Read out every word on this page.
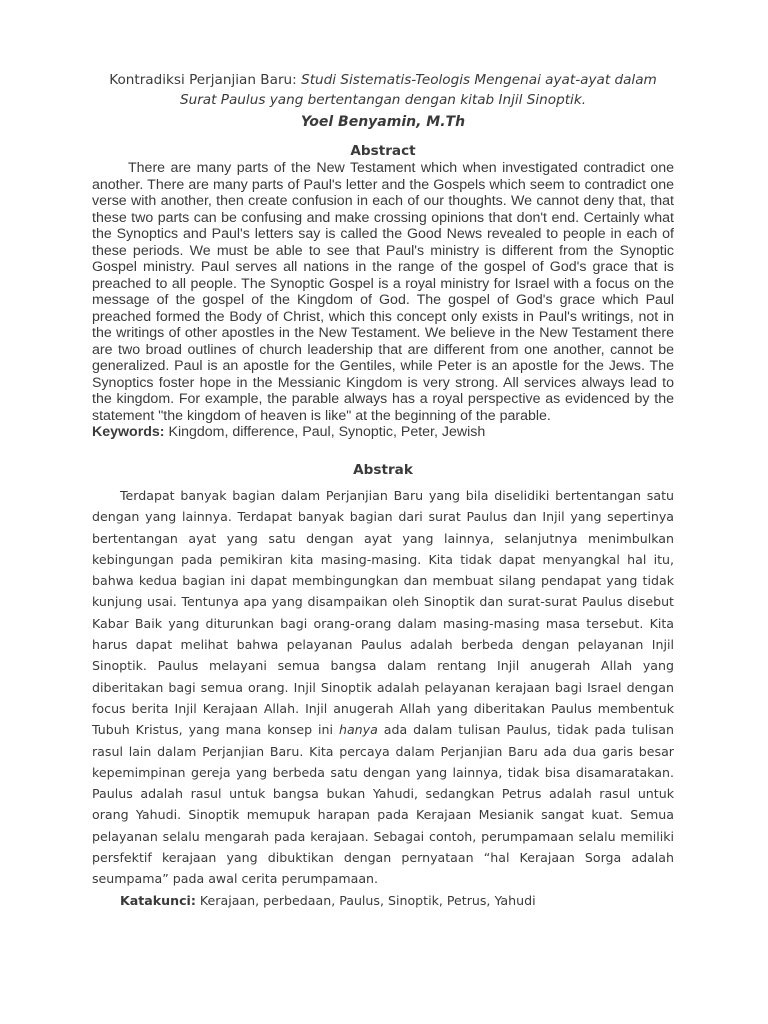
Kontradiksi Perjanjian Baru: Studi Sistematis-Teologis Mengenai ayat-ayat dalam

Surat Paulus yang bertentangan dengan kitab Injil Sinoptik.

Yoel Benyamin, M.Th

Abstract

There are many parts of the New Testament which when investigated contradict one another. There are many parts of Paul's letter and the Gospels which seem to contradict one verse with another, then create confusion in each of our thoughts. We cannot deny that, that these two parts can be confusing and make crossing opinions that don't end. Certainly what the Synoptics and Paul's letters say is called the Good News revealed to people in each of these periods. We must be able to see that Paul's ministry is different from the Synoptic Gospel ministry. Paul serves all nations in the range of the gospel of God's grace that is preached to all people. The Synoptic Gospel is a royal ministry for Israel with a focus on the message of the gospel of the Kingdom of God. The gospel of God's grace which Paul preached formed the Body of Christ, which this concept only exists in Paul's writings, not in the writings of other apostles in the New Testament. We believe in the New Testament there are two broad outlines of church leadership that are different from one another, cannot be generalized. Paul is an apostle for the Gentiles, while Peter is an apostle for the Jews. The Synoptics foster hope in the Messianic Kingdom is very strong. All services always lead to the kingdom. For example, the parable always has a royal perspective as evidenced by the statement "the kingdom of heaven is like" at the beginning of the parable.

Keywords: Kingdom, difference, Paul, Synoptic, Peter, Jewish

Abstrak

Terdapat banyak bagian dalam Perjanjian Baru yang bila diselidiki bertentangan satu dengan yang lainnya. Terdapat banyak bagian dari surat Paulus dan Injil yang sepertinya bertentangan ayat yang satu dengan ayat yang lainnya, selanjutnya menimbulkan kebingungan pada pemikiran kita masing-masing. Kita tidak dapat menyangkal hal itu, bahwa kedua bagian ini dapat membingungkan dan membuat silang pendapat yang tidak kunjung usai. Tentunya apa yang disampaikan oleh Sinoptik dan surat-surat Paulus disebut Kabar Baik yang diturunkan bagi orang-orang dalam masing-masing masa tersebut. Kita harus dapat melihat bahwa pelayanan Paulus adalah berbeda dengan pelayanan Injil Sinoptik. Paulus melayani semua bangsa dalam rentang Injil anugerah Allah yang diberitakan bagi semua orang. Injil Sinoptik adalah pelayanan kerajaan bagi Israel dengan focus berita Injil Kerajaan Allah. Injil anugerah Allah yang diberitakan Paulus membentuk Tubuh Kristus, yang mana konsep ini hanya ada dalam tulisan Paulus, tidak pada tulisan rasul lain dalam Perjanjian Baru. Kita percaya dalam Perjanjian Baru ada dua garis besar kepemimpinan gereja yang berbeda satu dengan yang lainnya, tidak bisa disamaratakan. Paulus adalah rasul untuk bangsa bukan Yahudi, sedangkan Petrus adalah rasul untuk orang Yahudi. Sinoptik memupuk harapan pada Kerajaan Mesianik sangat kuat. Semua pelayanan selalu mengarah pada kerajaan. Sebagai contoh, perumpamaan selalu memiliki persfektif kerajaan yang dibuktikan dengan pernyataan “hal Kerajaan Sorga adalah seumpama” pada awal cerita perumpamaan.

Katakunci: Kerajaan, perbedaan, Paulus, Sinoptik, Petrus, Yahudi
